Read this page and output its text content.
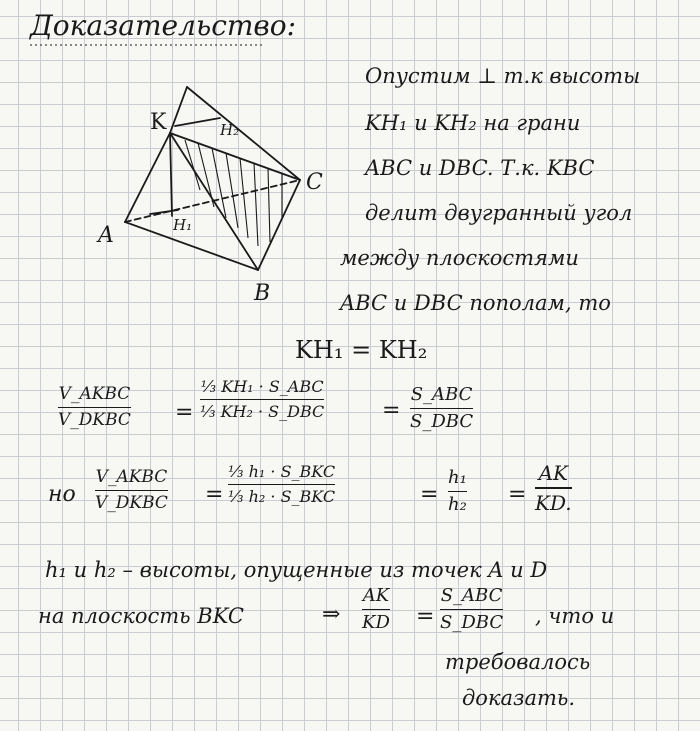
Доказательство:
K	H₂
C
A	H₁
B
Опустим ⊥ т.к высоты
KH₁ и KH₂ на грани
ABC и DBC. Т.к. KBC
делит двугранный угол
между плоскостями
ABC и DBC пополам, то
KH₁ = KH₂
V_AKBC
V_DKBC =
⅓ KH₁ · S_ABC
⅓ KH₂ · S_DBC	=
S_ABC
S_DBC
но
V_AKBC
V_DKBC =
⅓ h₁ · S_BKC
⅓ h₂ · S_BKC	=
h₁
h₂ =
AK
KD.
h₁ и h₂ – высоты, опущенные из точек A и D
на плоскость BKC	⇒
AK
KD =
S_ABC
S_DBC , что и
требовалось
доказать.
